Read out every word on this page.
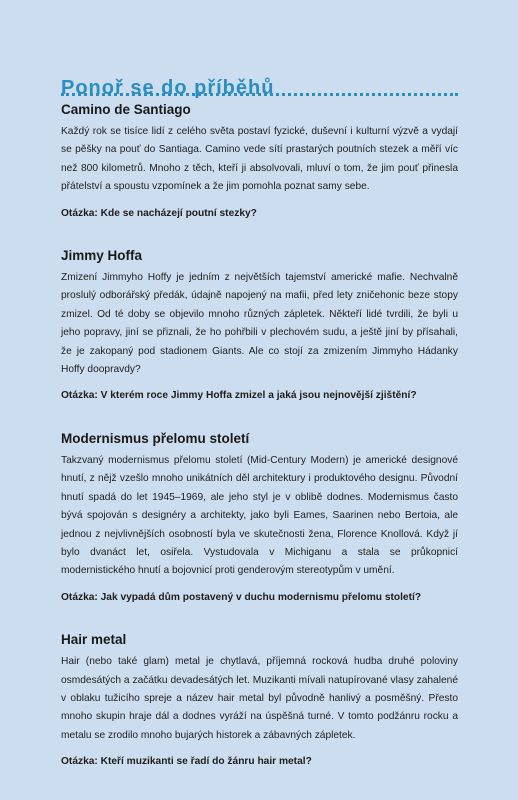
Ponoř se do příběhů
Camino de Santiago

Každý rok se tisíce lidí z celého světa postaví fyzické, duševní i kulturní výzvě a vydají se pěšky na pouť do Santiaga. Camino vede sítí prastarých poutních stezek a měří víc než 800 kilometrů. Mnoho z těch, kteří ji absolvovali, mluví o tom, že jim pouť přinesla přátelství a spoustu vzpomínek a že jim pomohla poznat samy sebe.

Otázka: Kde se nacházejí poutní stezky?

Jimmy Hoffa

Zmizení Jimmyho Hoffy je jedním z největších tajemství americké mafie. Nechvalně proslulý odborářský předák, údajně napojený na mafii, před lety zničehonic beze stopy zmizel. Od té doby se objevilo mnoho různých zápletek. Někteří lidé tvrdili, že byli u jeho popravy, jiní se přiznali, že ho pohřbili v plechovém sudu, a ještě jiní by přísahali, že je zakopaný pod stadionem Giants. Ale co stojí za zmizením Jimmyho Hádanky Hoffy doopravdy?

Otázka: V kterém roce Jimmy Hoffa zmizel a jaká jsou nejnovější zjištění?

Modernismus přelomu století

Takzvaný modernismus přelomu století (Mid-Century Modern) je americké designové hnutí, z nějž vzešlo mnoho unikátních děl architektury i produktového designu. Původní hnutí spadá do let 1945–1969, ale jeho styl je v oblibě dodnes. Modernismus často bývá spojován s designéry a architekty, jako byli Eames, Saarinen nebo Bertoia, ale jednou z nejvlivnějších osobností byla ve skutečnosti žena, Florence Knollová. Když jí bylo dvanáct let, osiřela. Vystudovala v Michiganu a stala se průkopnicí modernistického hnutí a bojovnicí proti genderovým stereotypům v umění.

Otázka: Jak vypadá dům postavený v duchu modernismu přelomu století?

Hair metal

Hair (nebo také glam) metal je chytlavá, příjemná rocková hudba druhé poloviny osmdesátých a začátku devadesátých let. Muzikanti mívali natupírované vlasy zahalené v oblaku tužicího spreje a název hair metal byl původně hanlivý a posměšný. Přesto mnoho skupin hraje dál a dodnes vyráží na úspěšná turné. V tomto podžánru rocku a metalu se zrodilo mnoho bujarých historek a zábavných zápletek.

Otázka: Kteří muzikanti se řadí do žánru hair metal?
